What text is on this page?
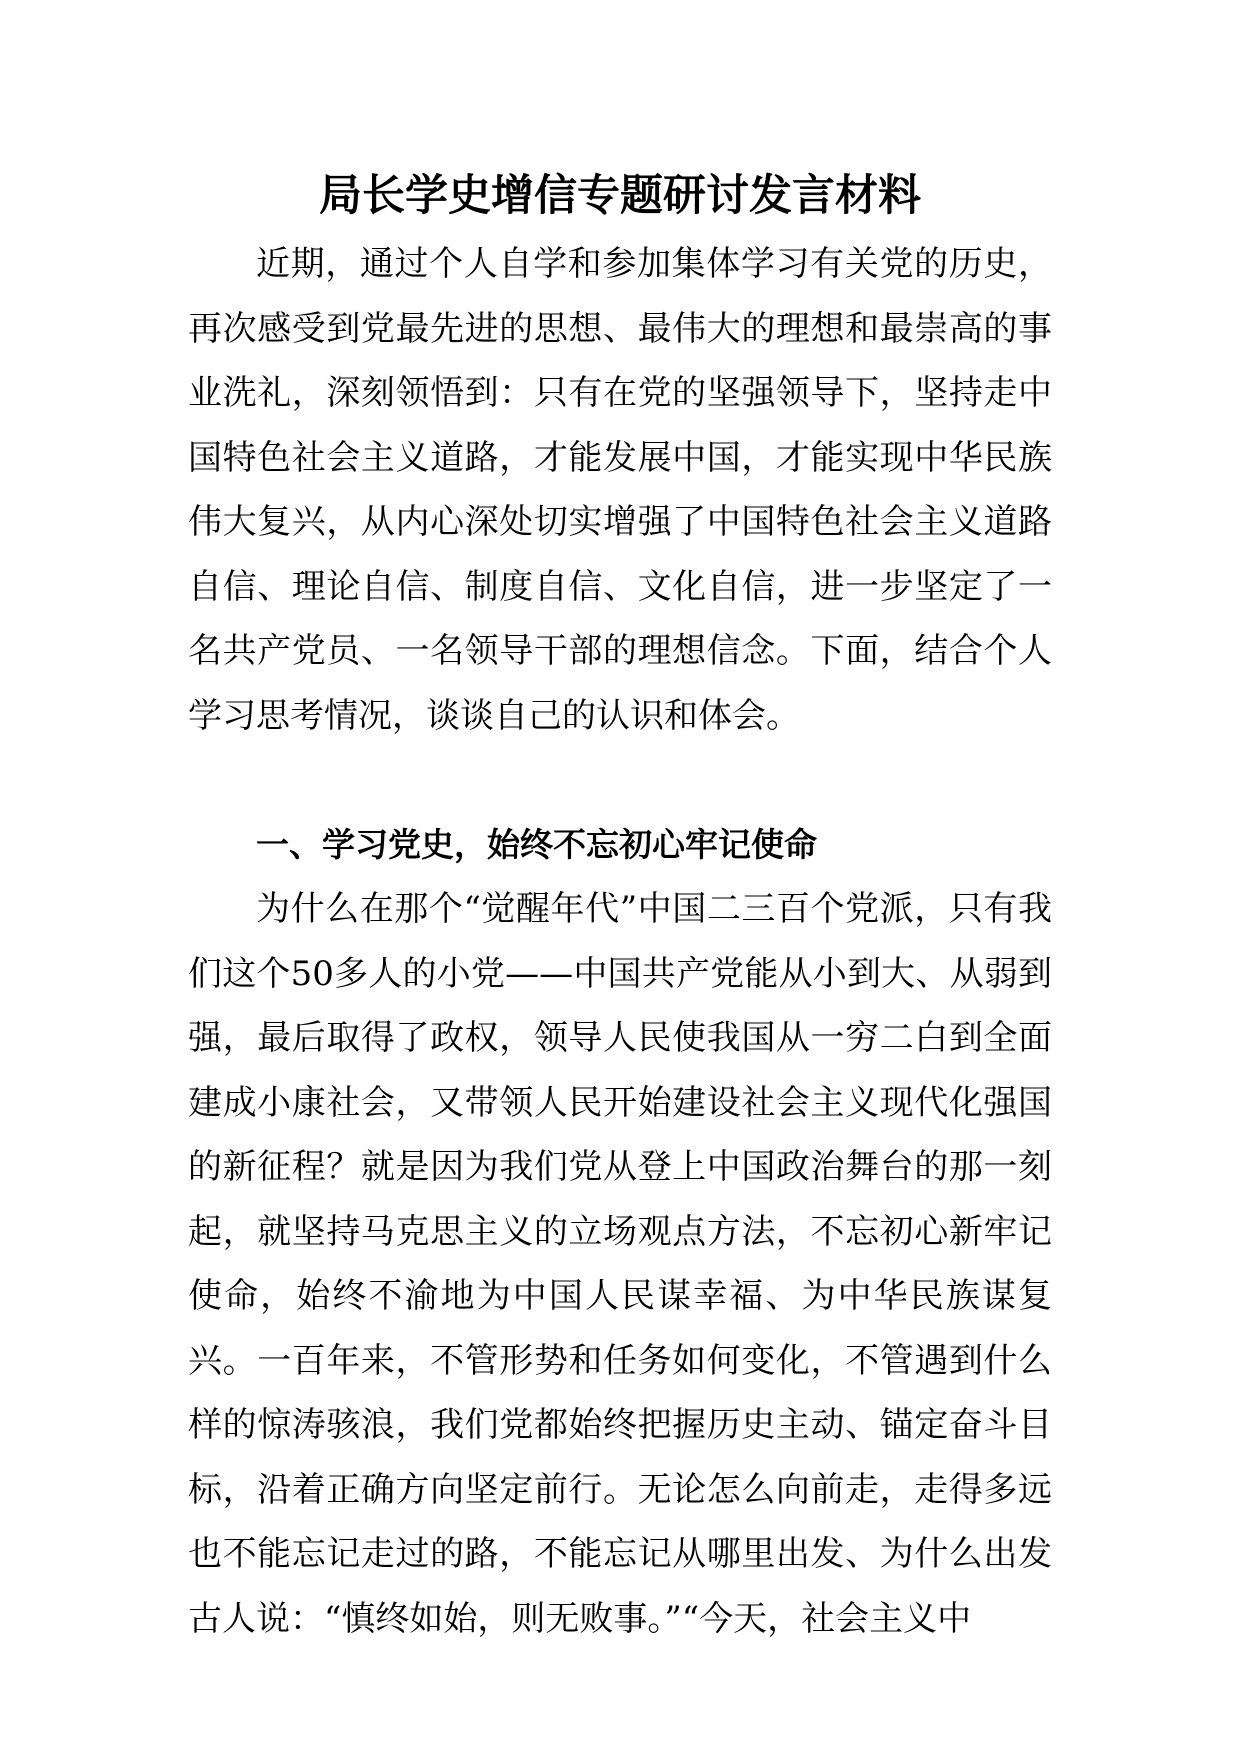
局长学史增信专题研讨发言材料

近期，通过个人自学和参加集体学习有关党的历史，再次感受到党最先进的思想、最伟大的理想和最崇高的事业洗礼，深刻领悟到：只有在党的坚强领导下，坚持走中国特色社会主义道路，才能发展中国，才能实现中华民族伟大复兴，从内心深处切实增强了中国特色社会主义道路自信、理论自信、制度自信、文化自信，进一步坚定了一名共产党员、一名领导干部的理想信念。下面，结合个人学习思考情况，谈谈自己的认识和体会。

一、学习党史，始终不忘初心牢记使命

为什么在那个“觉醒年代”中国二三百个党派，只有我们这个50多人的小党——中国共产党能从小到大、从弱到强，最后取得了政权，领导人民使我国从一穷二白到全面建成小康社会，又带领人民开始建设社会主义现代化强国的新征程？就是因为我们党从登上中国政治舞台的那一刻起，就坚持马克思主义的立场观点方法，不忘初心新牢记使命，始终不渝地为中国人民谋幸福、为中华民族谋复兴。一百年来，不管形势和任务如何变化，不管遇到什么样的惊涛骇浪，我们党都始终把握历史主动、锚定奋斗目标，沿着正确方向坚定前行。无论怎么向前走，走得多远也不能忘记走过的路，不能忘记从哪里出发、为什么出发古人说：“慎终如始，则无败事。”“今天，社会主义中
